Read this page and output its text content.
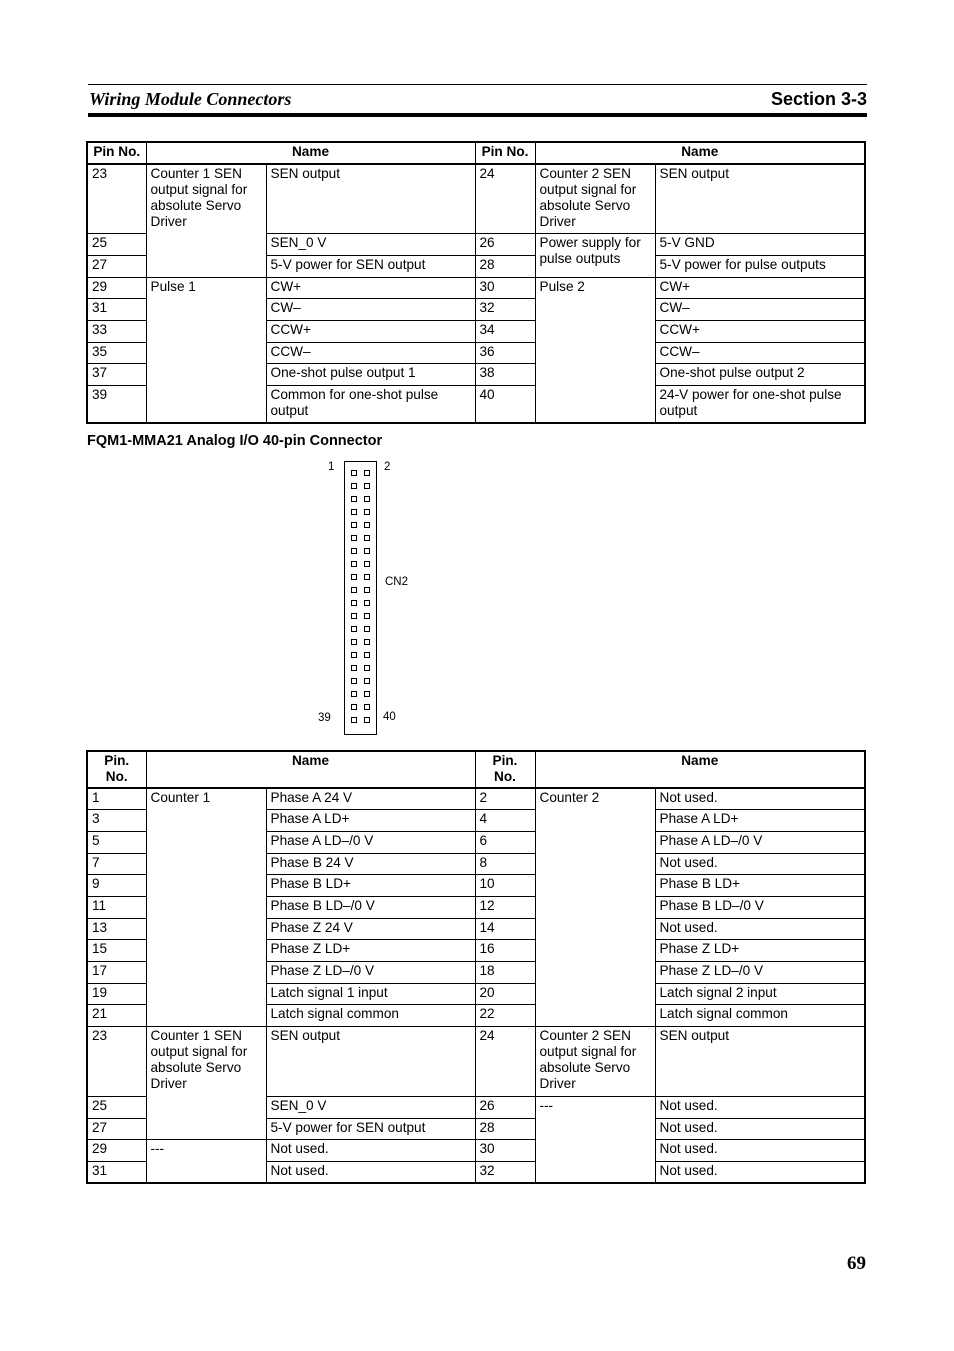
Wiring Module Connectors	Section 3-3
Pin No.	Name		Pin No.	Name	
23	Counter 1 SEN output signal for absolute Servo Driver	SEN output	24	Counter 2 SEN output signal for absolute Servo Driver	SEN output
25		SEN_0 V	26	Power supply for pulse outputs	5-V GND
27		5-V power for SEN output	28		5-V power for pulse outputs
29	Pulse 1	CW+	30	Pulse 2	CW+
31		CW–	32		CW–
33		CCW+	34		CCW+
35		CCW–	36		CCW–
37		One-shot pulse output 1	38		One-shot pulse output 2
39		Common for one-shot pulse output	40		24-V power for one-shot pulse output
FQM1-MMA21 Analog I/O 40-pin Connector
1	2
39	40
CN2
Pin. No.	Name		Pin. No.	Name	
1	Counter 1	Phase A 24 V	2	Counter 2	Not used.
3		Phase A LD+	4		Phase A LD+
5		Phase A LD–/0 V	6		Phase A LD–/0 V
7		Phase B 24 V	8		Not used.
9		Phase B LD+	10		Phase B LD+
11		Phase B LD–/0 V	12		Phase B LD–/0 V
13		Phase Z 24 V	14		Not used.
15		Phase Z LD+	16		Phase Z LD+
17		Phase Z LD–/0 V	18		Phase Z LD–/0 V
19		Latch signal 1 input	20		Latch signal 2 input
21		Latch signal common	22		Latch signal common
23	Counter 1 SEN output signal for absolute Servo Driver	SEN output	24	Counter 2 SEN output signal for absolute Servo Driver	SEN output
25		SEN_0 V	26	---	Not used.
27		5-V power for SEN output	28		Not used.
29	---	Not used.	30		Not used.
31		Not used.	32		Not used.
69
